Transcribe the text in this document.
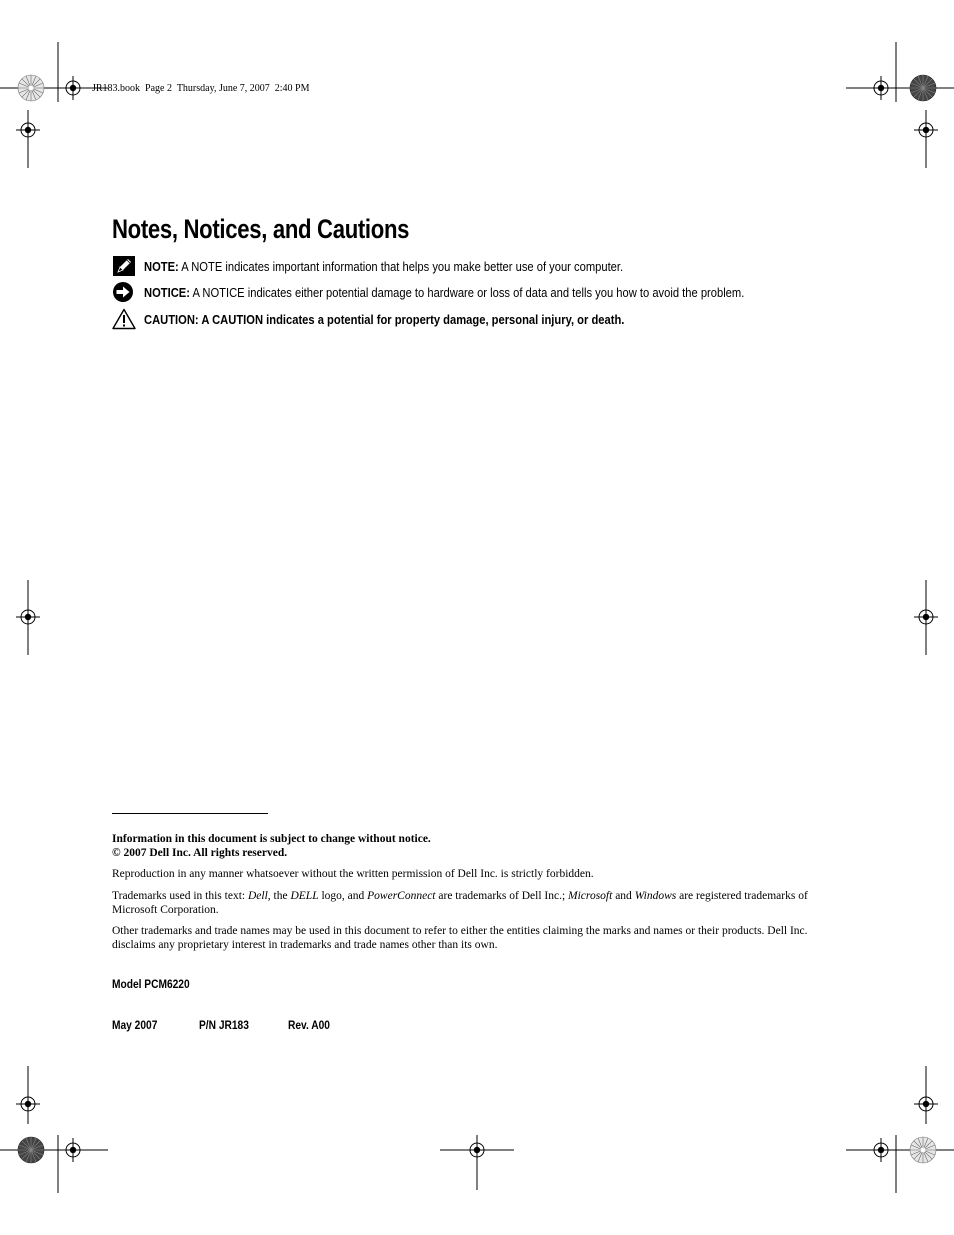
JR183.book  Page 2  Thursday, June 7, 2007  2:40 PM
Notes, Notices, and Cautions
NOTE: A NOTE indicates important information that helps you make better use of your computer.
NOTICE: A NOTICE indicates either potential damage to hardware or loss of data and tells you how to avoid the problem.
CAUTION: A CAUTION indicates a potential for property damage, personal injury, or death.
Information in this document is subject to change without notice.
© 2007 Dell Inc. All rights reserved.
Reproduction in any manner whatsoever without the written permission of Dell Inc. is strictly forbidden.
Trademarks used in this text: Dell, the DELL logo, and PowerConnect are trademarks of Dell Inc.; Microsoft and Windows are registered trademarks of Microsoft Corporation.
Other trademarks and trade names may be used in this document to refer to either the entities claiming the marks and names or their products. Dell Inc. disclaims any proprietary interest in trademarks and trade names other than its own.
Model PCM6220
May 2007	P/N JR183	Rev. A00
